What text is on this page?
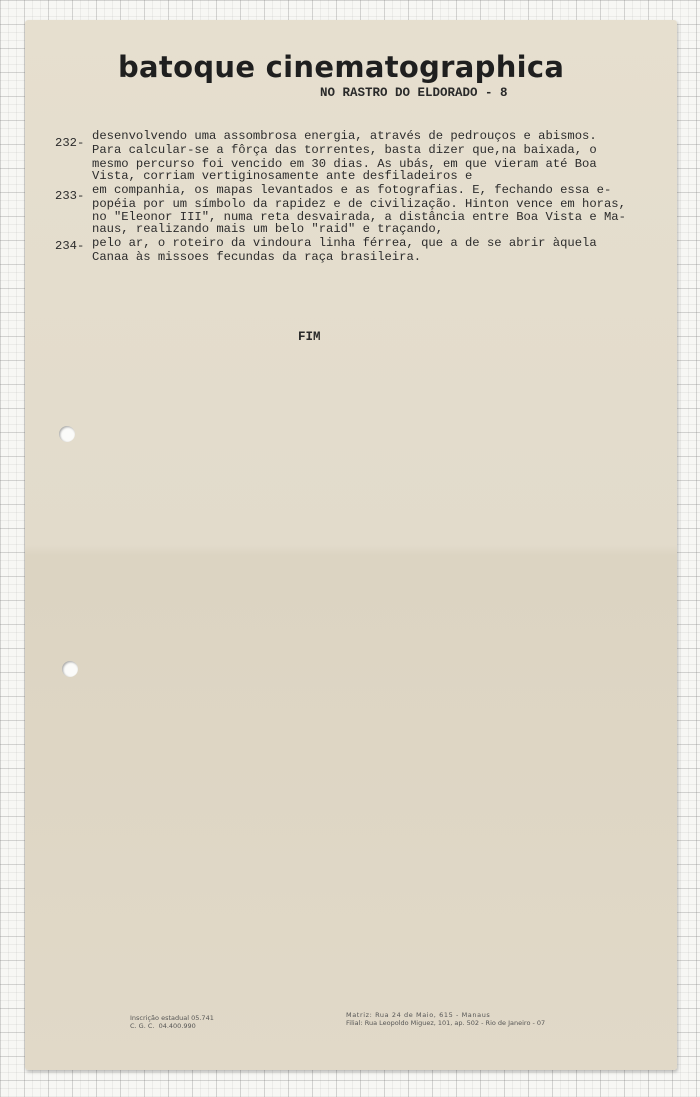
batoque cinematographica
NO RASTRO DO ELDORADO - 8
232- desenvolvendo uma assombrosa energia, através de pedrouços e abismos.
Para calcular-se a fôrça das torrentes, basta dizer que,na baixada, o
mesmo percurso foi vencido em 30 dias. As ubás, em que vieram até Boa
Vista, corriam vertiginosamente ante desfiladeiros e
233- em companhia, os mapas levantados e as fotografias. E, fechando essa e-
popéia por um símbolo da rapidez e de civilização. Hinton vence em horas,
no "Eleonor III", numa reta desvairada, a distância entre Boa Vista e Ma-
naus, realizando mais um belo "raid" e traçando,
234- pelo ar, o roteiro da vindoura linha férrea, que a de se abrir àquela
Canaa às missoes fecundas da raça brasileira.
FIM
Inscrição estadual 05.741
C. G. C.  04.400.990
Matriz: Rua 24 de Maio, 615 - Manaus
Filial: Rua Leopoldo Miguez, 101, ap. 502 - Rio de Janeiro - 07
